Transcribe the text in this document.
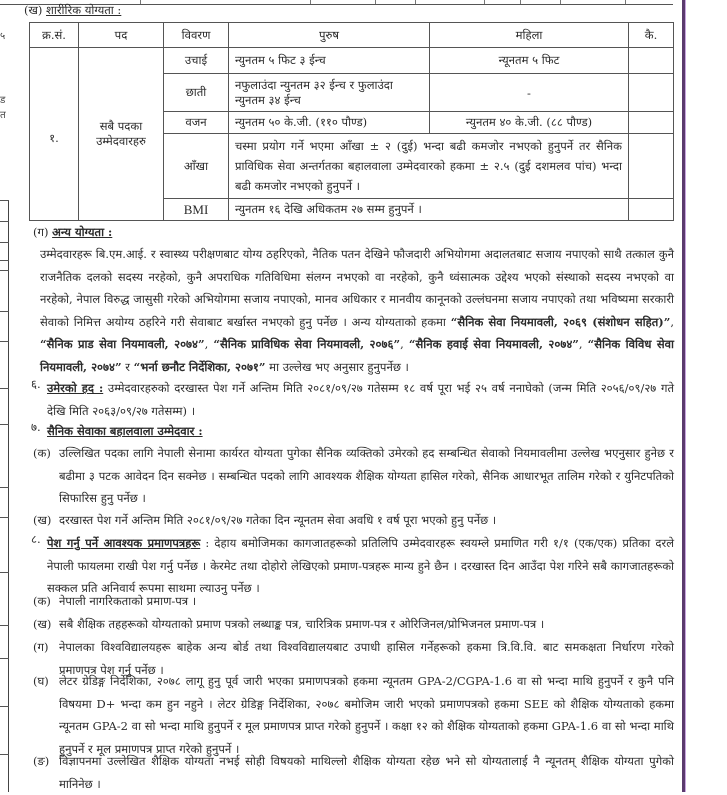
५
ड
त
(ख) शारीरिक योग्यता :
क्र.सं.	पद	विवरण	पुरुष	महिला	कै.
१.	सबै पदका उम्मेदवारहरु	उचाई	न्युनतम ५ फिट ३ ईन्च	न्यूनतम ५ फिट	
		छाती	नफुलाउंदा न्युनतम ३२ ईन्च र फुलाउंदा न्युनतम ३४ ईन्च	-	
		वजन	न्युनतम ५० के.जी. (११० पौण्ड)	न्युनतम ४० के.जी. (८८ पौण्ड)	
		आँखा	चस्मा प्रयोग गर्ने भएमा आँखा ± २ (दुई) भन्दा बढी कमजोर नभएको हुनुपर्ने तर सैनिक प्राविधिक सेवा अन्तर्गतका बहालवाला उम्मेदवारको हकमा ± २.५ (दुई दशमलव पांच) भन्दा बढी कमजोर नभएको हुनुपर्ने ।		
		BMI	न्युनतम १६ देखि अधिकतम २७ सम्म हुनुपर्ने ।		
(ग) अन्य योग्यता :
उम्मेदवारहरू बि.एम.आई. र स्वास्थ्य परीक्षणबाट योग्य ठहरिएको, नैतिक पतन देखिने फौजदारी अभियोगमा अदालतबाट सजाय नपाएको साथै तत्काल कुनै राजनैतिक दलको सदस्य नरहेको, कुनै अपराधिक गतिविधिमा संलग्न नभएको वा नरहेको, कुनै ध्वंसात्मक उद्देश्य भएको संस्थाको सदस्य नभएको वा नरहेको, नेपाल विरुद्ध जासुसी गरेको अभियोगमा सजाय नपाएको, मानव अधिकार र मानवीय कानूनको उल्लंघनमा सजाय नपाएको तथा भविष्यमा सरकारी सेवाको निमित्त अयोग्य ठहरिने गरी सेवाबाट बर्खास्त नभएको हुनु पर्नेछ । अन्य योग्यताको हकमा “सैनिक सेवा नियमावली, २०६९ (संशोधन सहित)”, “सैनिक प्राड सेवा नियमावली, २०७४”, “सैनिक प्राविधिक सेवा नियमावली, २०७६”, “सैनिक हवाई सेवा नियमावली, २०७४”, “सैनिक विविध सेवा नियमावली, २०७४” र “भर्ना छनौट निर्देशिका, २०७१” मा उल्लेख भए अनुसार हुनुपर्नेछ ।
६. उमेरको हद : उम्मेदवारहरुको दरखास्त पेश गर्ने अन्तिम मिति २०८१/०९/२७ गतेसम्म १८ वर्ष पूरा भई २५ वर्ष ननाघेको (जन्म मिति २०५६/०९/२७ गते देखि मिति २०६३/०९/२७ गतेसम्म) ।
७. सैनिक सेवाका बहालवाला उम्मेदवार :
(क) उल्लिखित पदका लागि नेपाली सेनामा कार्यरत योग्यता पुगेका सैनिक व्यक्तिको उमेरको हद सम्बन्धित सेवाको नियमावलीमा उल्लेख भएनुसार हुनेछ र बढीमा ३ पटक आवेदन दिन सक्नेछ । सम्बन्धित पदको लागि आवश्यक शैक्षिक योग्यता हासिल गरेको, सैनिक आधारभूत तालिम गरेको र युनिटपतिको सिफारिस हुनु पर्नेछ ।
(ख) दरखास्त पेश गर्ने अन्तिम मिति २०८१/०९/२७ गतेका दिन न्यूनतम सेवा अवधि १ वर्ष पूरा भएको हुनु पर्नेछ ।
८. पेश गर्नु पर्ने आवश्यक प्रमाणपत्रहरू : देहाय बमोजिमका कागजातहरूको प्रतिलिपि उम्मेदवारहरू स्वयम्ले प्रमाणित गरी १/१ (एक/एक) प्रतिका दरले नेपाली फायलमा राखी पेश गर्नु पर्नेछ । केरमेट तथा दोहोरो लेखिएको प्रमाण-पत्रहरू मान्य हुने छैन । दरखास्त दिन आउँदा पेश गरिने सबै कागजातहरूको सक्कल प्रति अनिवार्य रूपमा साथमा ल्याउनु पर्नेछ ।
(क) नेपाली नागरिकताको प्रमाण-पत्र ।
(ख) सबै शैक्षिक तहहरूको योग्यताको प्रमाण पत्रको लब्धाङ्क पत्र, चारित्रिक प्रमाण-पत्र र ओरिजिनल/प्रोभिजनल प्रमाण-पत्र ।
(ग) नेपालका विश्वविद्यालयहरू बाहेक अन्य बोर्ड तथा विश्वविद्यालयबाट उपाधी हासिल गर्नेहरूको हकमा त्रि.वि.वि. बाट समकक्षता निर्धारण गरेको प्रमाणपत्र पेश गर्नु पर्नेछ ।
(घ) लेटर ग्रेडिङ्ग निर्देशिका, २०७८ लागू हुनु पूर्व जारी भएका प्रमाणपत्रको हकमा न्यूनतम GPA-2/CGPA-1.6 वा सो भन्दा माथि हुनुपर्ने र कुनै पनि विषयमा D+ भन्दा कम हुन नहुने । लेटर ग्रेडिङ्ग निर्देशिका, २०७८ बमोजिम जारी भएको प्रमाणपत्रको हकमा SEE को शैक्षिक योग्यताको हकमा न्यूनतम GPA-2 वा सो भन्दा माथि हुनुपर्ने र मूल प्रमाणपत्र प्राप्त गरेको हुनुपर्ने । कक्षा १२ को शैक्षिक योग्यताको हकमा GPA-1.6 वा सो भन्दा माथि हुनुपर्ने र मूल प्रमाणपत्र प्राप्त गरेको हुनुपर्ने ।
(ङ) विज्ञापनमा उल्लेखित शैक्षिक योग्यता नभई सोही विषयको माथिल्लो शैक्षिक योग्यता रहेछ भने सो योग्यतालाई नै न्यूनतम् शैक्षिक योग्यता पुगेको मानिनेछ ।
